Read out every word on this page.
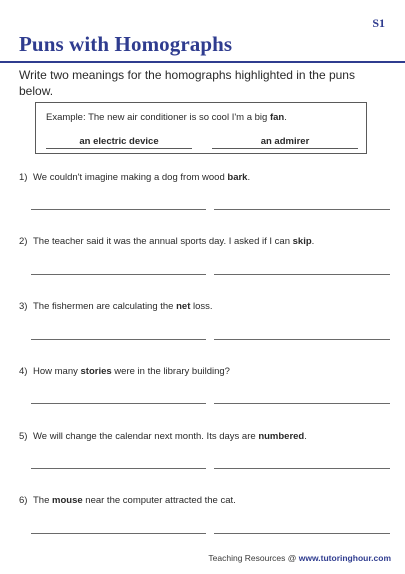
S1
Puns with Homographs
Write two meanings for the homographs highlighted in the puns below.
Example: The new air conditioner is so cool I'm a big fan.
an electric device	an admirer
1) We couldn't imagine making a dog from wood bark.
2) The teacher said it was the annual sports day. I asked if I can skip.
3) The fishermen are calculating the net loss.
4) How many stories were in the library building?
5) We will change the calendar next month. Its days are numbered.
6) The mouse near the computer attracted the cat.
Teaching Resources @ www.tutoringhour.com
